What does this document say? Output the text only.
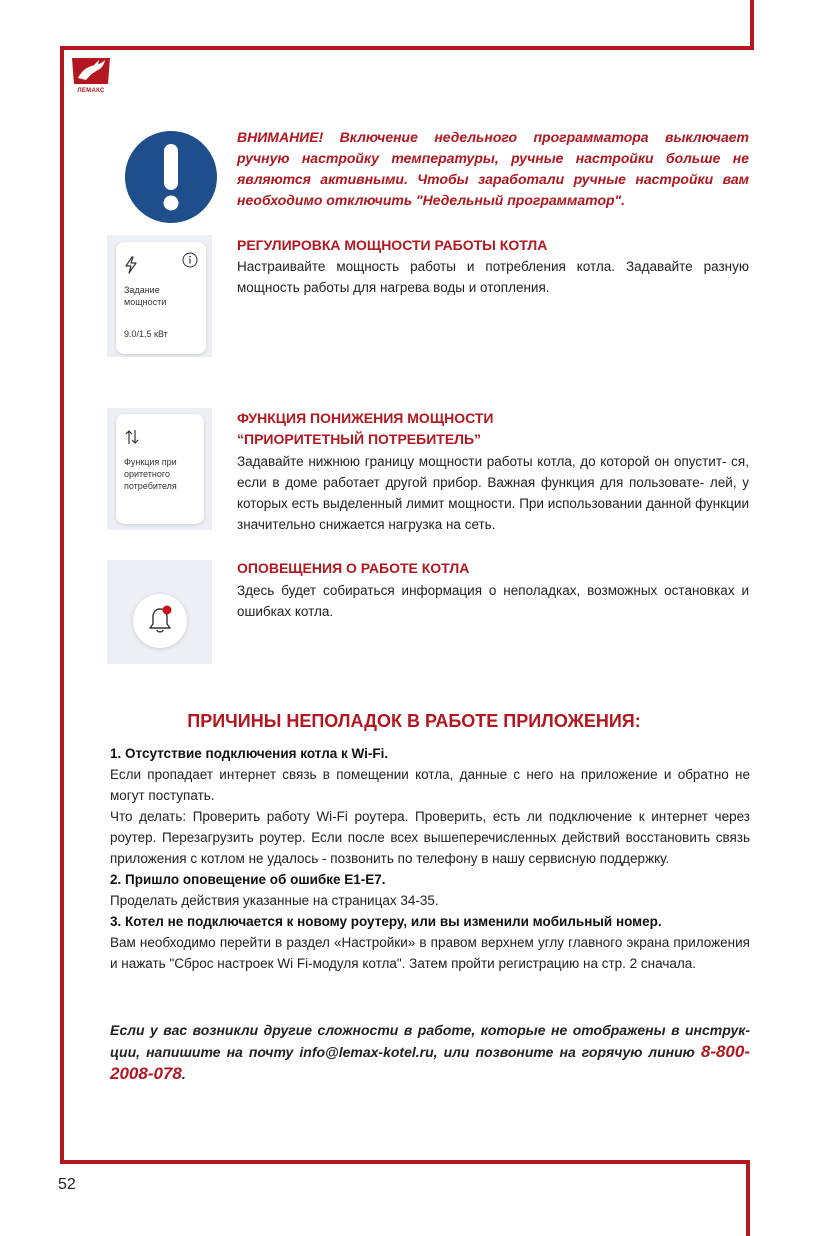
ЛЕМАКС
ВНИМАНИЕ! Включение недельного программатора выключает ручную настройку температуры, ручные настройки больше не являются активными. Чтобы заработали ручные настройки вам необходимо отключить "Недельный программатор".
Задание мощности
9.0/1.5 кВт
РЕГУЛИРОВКА МОЩНОСТИ РАБОТЫ КОТЛА
Настраивайте мощность работы и потребления котла. Задавайте разную мощность работы для нагрева воды и отопления.
Функция при оритетного потребителя
ФУНКЦИЯ ПОНИЖЕНИЯ МОЩНОСТИ
“ПРИОРИТЕТНЫЙ ПОТРЕБИТЕЛЬ”
Задавайте нижнюю границу мощности работы котла, до которой он опустит- ся, если в доме работает другой прибор. Важная функция для пользовате- лей, у которых есть выделенный лимит мощности. При использовании данной функции значительно снижается нагрузка на сеть.
ОПОВЕЩЕНИЯ О РАБОТЕ КОТЛА
Здесь будет собираться информация о неполадках, возможных остановках и ошибках котла.
ПРИЧИНЫ НЕПОЛАДОК В РАБОТЕ ПРИЛОЖЕНИЯ:
1. Отсутствие подключения котла к Wi-Fi.
Если пропадает интернет связь в помещении котла, данные с него на приложение и обратно не могут поступать.
Что делать: Проверить работу Wi-Fi роутера. Проверить, есть ли подключение к интернет через роутер. Перезагрузить роутер. Если после всех вышеперечисленных действий восстановить связь приложения с котлом не удалось - позвонить по телефону в нашу сервисную поддержку.
2. Пришло оповещение об ошибке Е1-Е7.
Проделать действия указанные на страницах 34-35.
3. Котел не подключается к новому роутеру, или вы изменили мобильный номер.
Вам необходимо перейти в раздел «Настройки» в правом верхнем углу главного экрана приложения и нажать "Сброс настроек Wi Fi-модуля котла". Затем пройти регистрацию на стр. 2 сначала.
Если у вас возникли другие сложности в работе, которые не отображены в инструк- ции, напишите на почту info@lemax-kotel.ru, или позвоните на горячую линию 8-800-2008-078.
52
